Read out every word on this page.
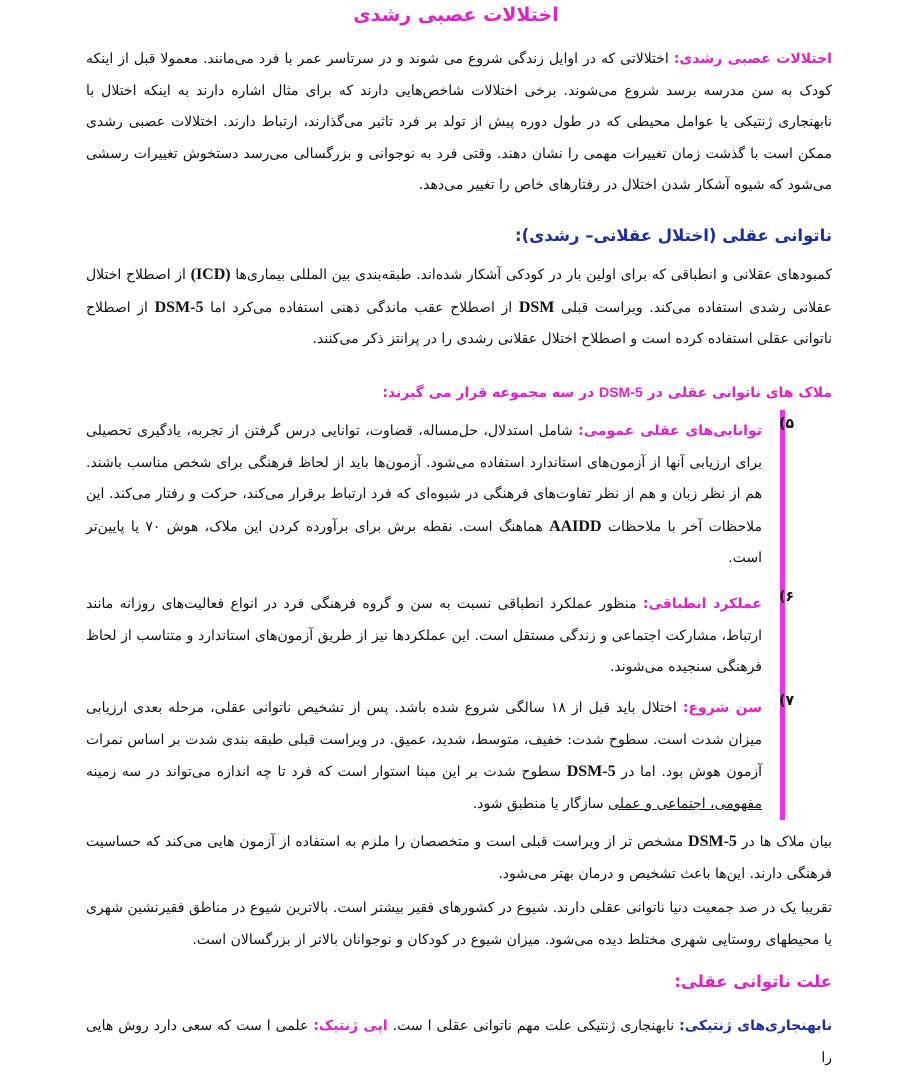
اختلالات عصبی رشدی
اختلالات عصبی رشدی: اختلالاتی که در اوایل زندگی شروع می شوند و در سرتاسر عمر با فرد می‌مانند. معمولا قبل از اینکه کودک به سن مدرسه برسد شروع می‌شوند. برخی اختلالات شاخص‌هایی دارند که برای مثال اشاره دارند به اینکه اختلال با نابهنجاری ژنتیکی یا عوامل محیطی که در طول دوره پیش از تولد بر فرد تاثیر می‌گذارند، ارتباط دارند. اختلالات عصبی رشدی ممکن است با گذشت زمان تغییرات مهمی را نشان دهند. وقتی فرد به نوجوانی و بزرگسالی می‌رسد دستخوش تغییرات رسشی می‌شود که شیوه آشکار شدن اختلال در رفتارهای خاص را تغییر می‌دهد.
ناتوانی عقلی (اختلال عقلانی– رشدی):
کمبودهای عقلانی و انطباقی که برای اولین بار در کودکی آشکار شده‌اند. طبقه‌بندی بین المللی بیماری‌ها (ICD) از اصطلاح اختلال عقلانی رشدی استفاده می‌کند. ویراست قبلی DSM از اصطلاح عقب ماندگی ذهنی استفاده می‌کرد اما DSM-5 از اصطلاح ناتوانی عقلی استفاده کرده است و اصطلاح اختلال عقلانی رشدی را در پرانتز ذکر می‌کنند.
ملاک های ناتوانی عقلی در DSM-5 در سه مجموعه قرار می گیرند:
۵)
توانایی‌های عقلی عمومی: شامل استدلال، حل‌مساله، قضاوت، توانایی درس گرفتن از تجربه، یادگیری تحصیلی برای ارزیابی آنها از آزمون‌های استاندارد استفاده می‌شود. آزمون‌ها باید از لحاظ فرهنگی برای شخص مناسب باشند. هم از نظر زبان و هم از نظر تفاوت‌های فرهنگی در شیوه‌ای که فرد ارتباط برقرار می‌کند، حرکت و رفتار می‌کند. این ملاحظات آخر با ملاحظات AAIDD هماهنگ است. نقطه برش برای برآورده کردن این ملاک، هوش ۷۰ یا پایین‌تر است.
۶)
عملکرد انطباقی: منظور عملکرد انطباقی نسبت به سن و گروه فرهنگی فرد در انواع فعالیت‌های روزانه مانند ارتباط، مشارکت اجتماعی و زندگی مستقل است. این عملکردها نیز از طریق آزمون‌های استاندارد و متناسب از لحاظ فرهنگی سنجیده می‌شوند.
۷)
سن شروع: اختلال باید قبل از ۱۸ سالگی شروع شده باشد. پس از تشخیص ناتوانی عقلی، مرحله بعدی ارزیابی میزان شدت است. سطوح شدت: خفیف، متوسط، شدید، عمیق. در ویراست قبلی طبقه بندی شدت بر اساس نمرات آزمون هوش بود. اما در DSM-5 سطوح شدت بر این مبنا استوار است که فرد تا چه اندازه می‌تواند در سه زمینه مفهومی، اجتماعی و عملی سازگار یا منطبق شود.
بیان ملاک ها در DSM-5 مشخص تر از ویراست قبلی است و متخصصان را ملزم به استفاده از آزمون هایی می‌کند که حساسیت فرهنگی دارند. این‌ها باعث تشخیص و درمان بهتر می‌شود.
تقریبا یک در صد جمعیت دنیا ناتوانی عقلی دارند. شیوع در کشورهای فقیر بیشتر است. بالاترین شیوع در مناطق فقیرنشین شهری یا محیطهای روستایی شهری مختلط دیده می‌شود. میزان شیوع در کودکان و نوجوانان بالاتر از بزرگسالان است.
علت ناتوانی عقلی:
نابهنجاری‌های ژنتیکی: نابهنجاری ژنتیکی علت مهم ناتوانی عقلی ا ست. اپی ژنتیک: علمی ا ست که سعی دارد روش هایی را
